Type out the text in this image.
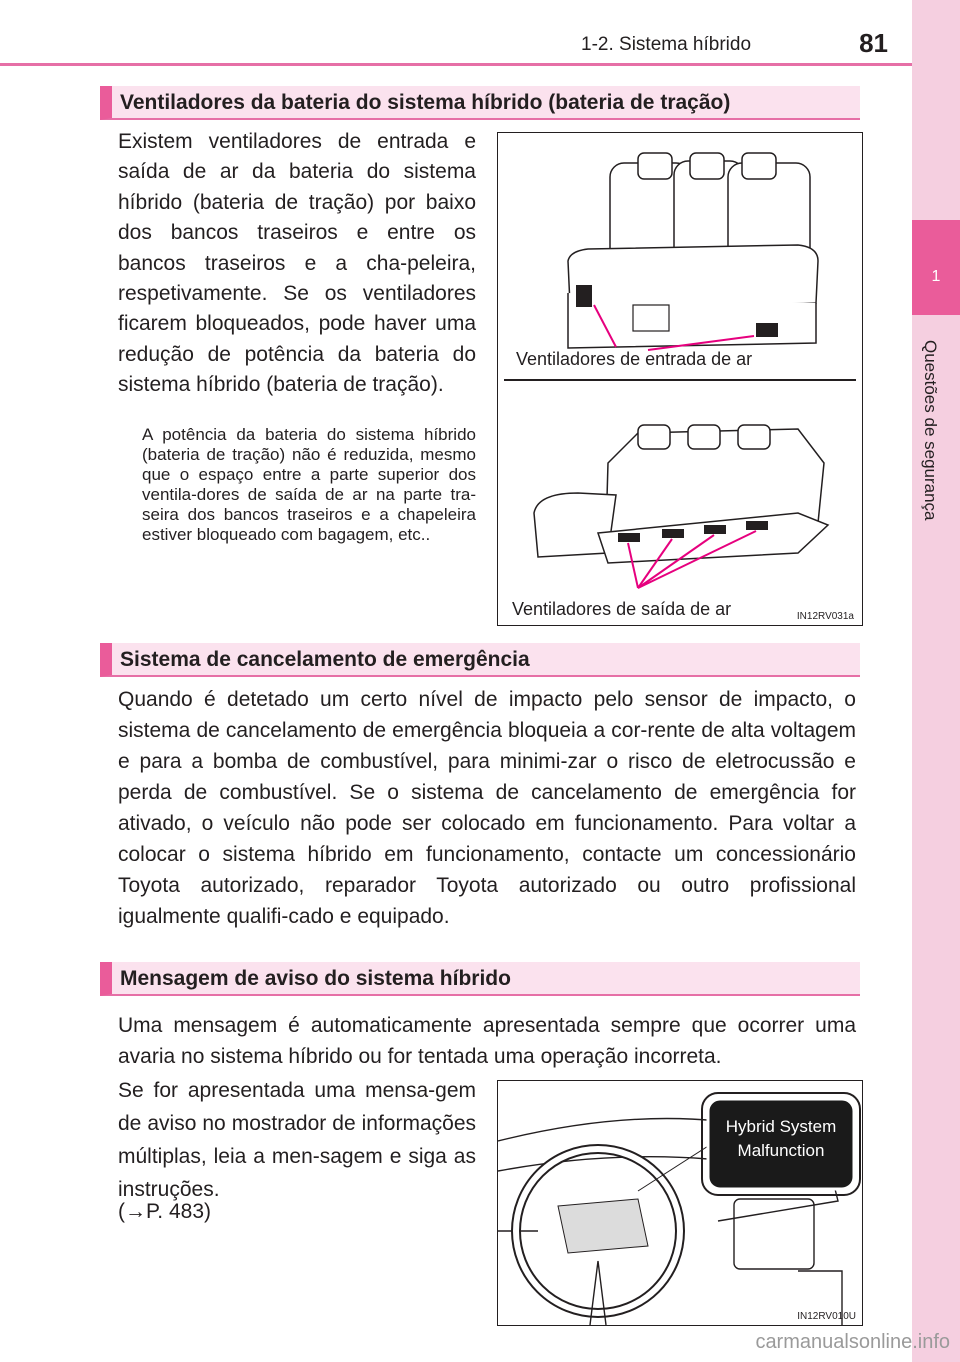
1-2. Sistema híbrido	81
1
Questões de segurança
Ventiladores da bateria do sistema híbrido (bateria de tração)
Existem ventiladores de entrada e saída de ar da bateria do sistema híbrido (bateria de tração) por baixo dos bancos traseiros e entre os bancos traseiros e a cha-peleira, respetivamente. Se os ventiladores ficarem bloqueados, pode haver uma redução de potência da bateria do sistema híbrido (bateria de tração).
A potência da bateria do sistema híbrido (bateria de tração) não é reduzida, mesmo que o espaço entre a parte superior dos ventila-dores de saída de ar na parte tra-seira dos bancos traseiros e a chapeleira estiver bloqueado com bagagem, etc..
Ventiladores de entrada de ar
Ventiladores de saída de ar	IN12RV031a
Sistema de cancelamento de emergência
Quando é detetado um certo nível de impacto pelo sensor de impacto, o sistema de cancelamento de emergência bloqueia a cor-rente de alta voltagem e para a bomba de combustível, para minimi-zar o risco de eletrocussão e perda de combustível. Se o sistema de cancelamento de emergência for ativado, o veículo não pode ser colocado em funcionamento. Para voltar a colocar o sistema híbrido em funcionamento, contacte um concessionário Toyota autorizado, reparador Toyota autorizado ou outro profissional igualmente qualifi-cado e equipado.
Mensagem de aviso do sistema híbrido
Uma mensagem é automaticamente apresentada sempre que ocorrer uma avaria no sistema híbrido ou for tentada uma operação incorreta.
Se for apresentada uma mensa-gem de aviso no mostrador de informações múltiplas, leia a men-sagem e siga as instruções.
(→P. 483)
Hybrid System
Malfunction
IN12RV010U
carmanualsonline.info
